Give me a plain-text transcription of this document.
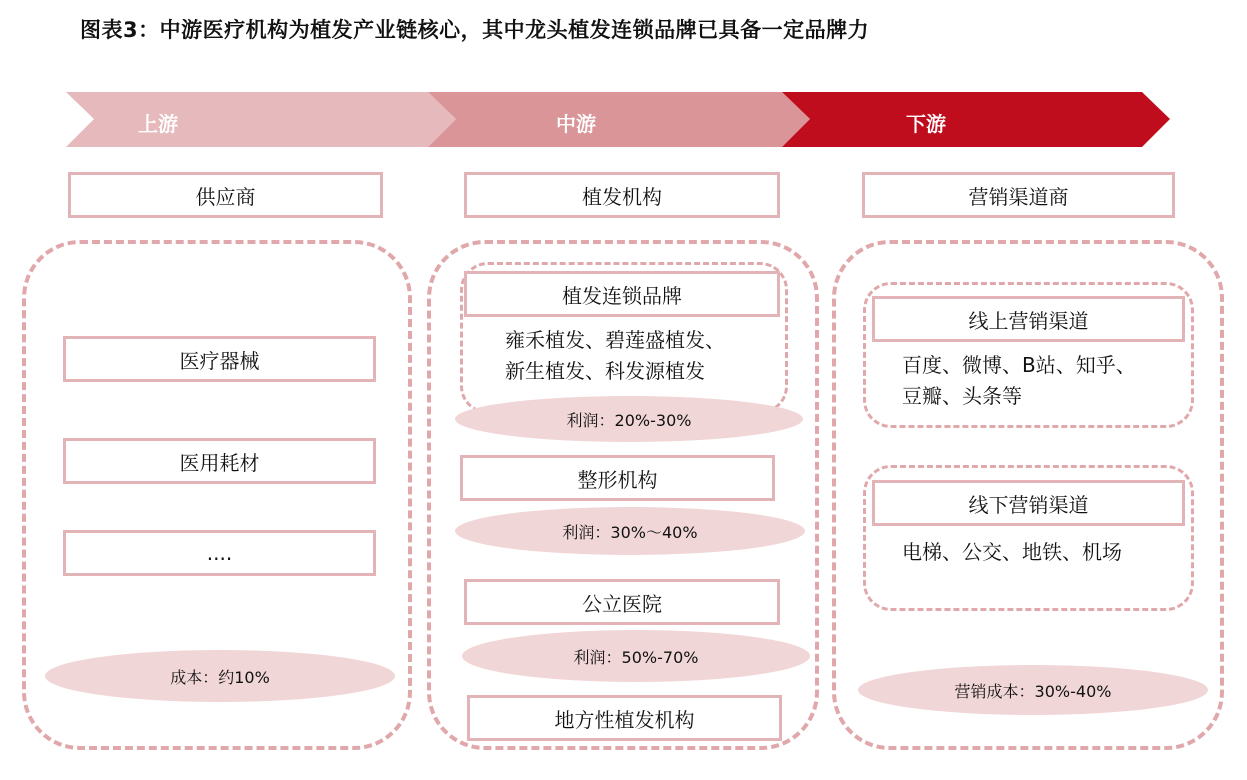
图表3：中游医疗机构为植发产业链核心，其中龙头植发连锁品牌已具备一定品牌力
上游	中游	下游
供应商	植发机构	营销渠道商
医疗器械
医用耗材
....
成本：约10%
植发连锁品牌
雍禾植发、碧莲盛植发、
新生植发、科发源植发
利润：20%-30%
整形机构
利润：30%～40%
公立医院
利润：50%-70%
地方性植发机构
线上营销渠道
百度、微博、B站、知乎、
豆瓣、头条等
线下营销渠道
电梯、公交、地铁、机场
营销成本：30%-40%
